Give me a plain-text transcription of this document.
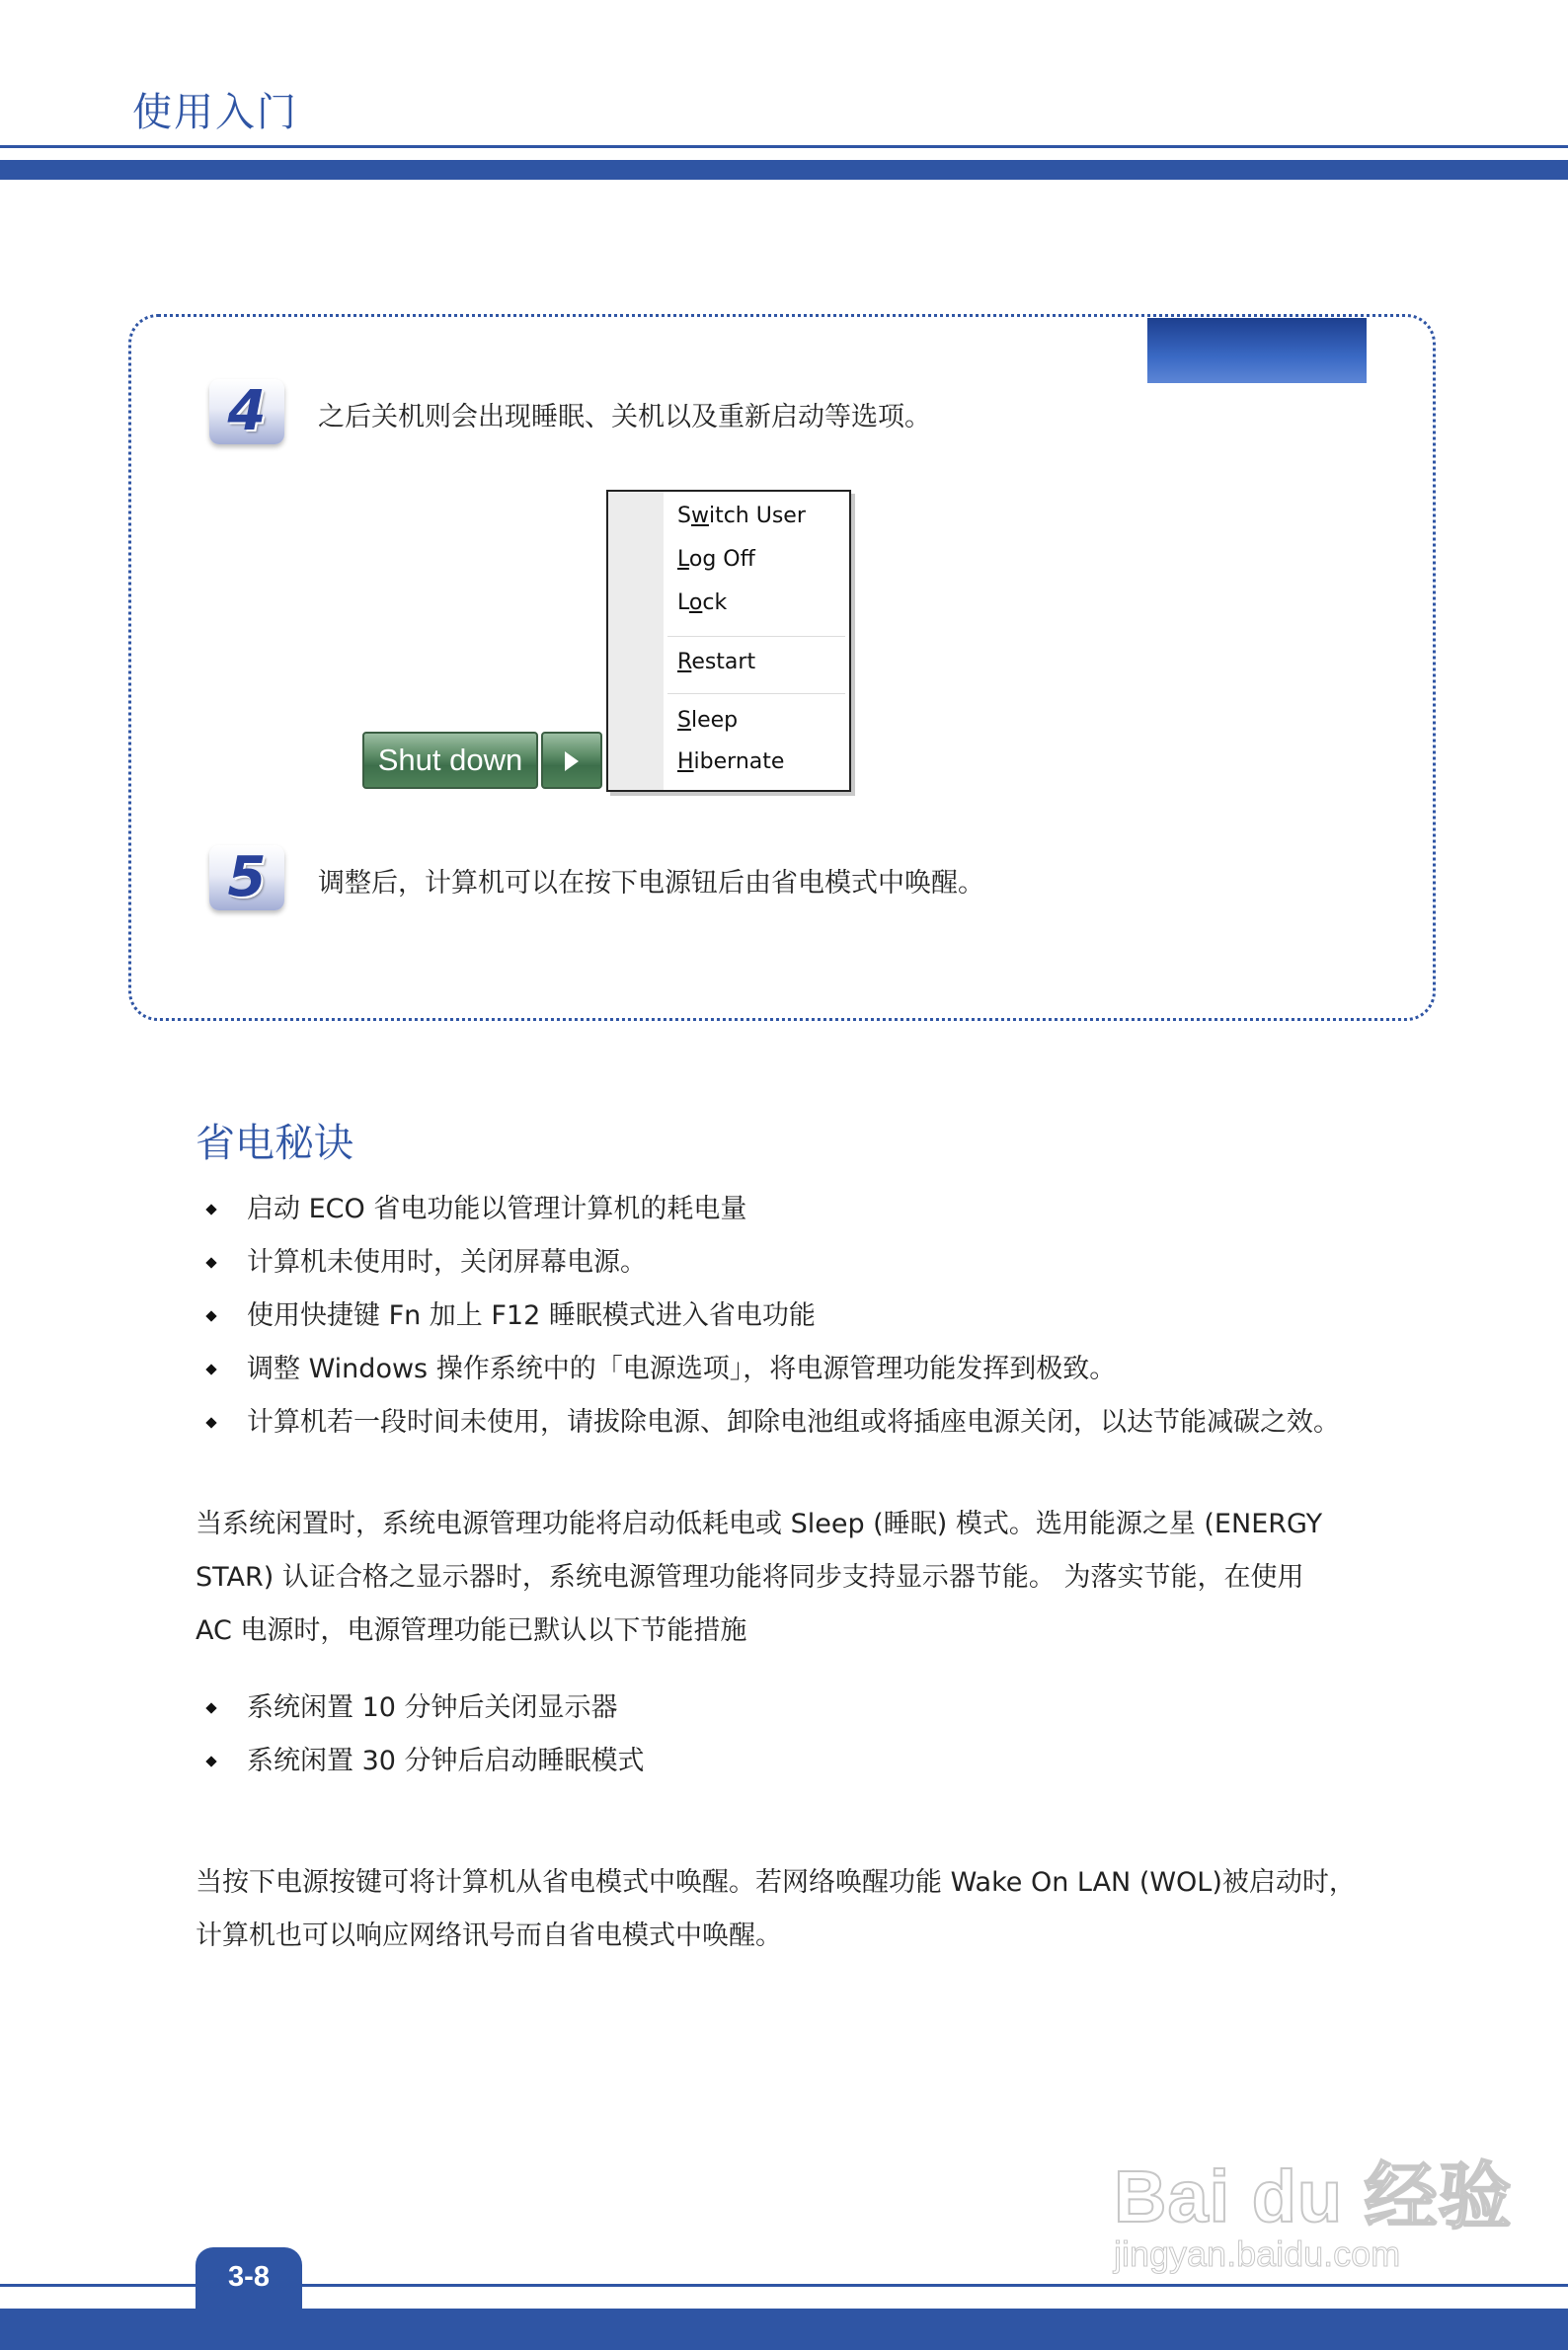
使用入门
4	之后关机则会出现睡眠、关机以及重新启动等选项。
Switch User
Log Off
Lock
Restart
Sleep
Hibernate
Shut down
5	调整后，计算机可以在按下电源钮后由省电模式中唤醒。
省电秘诀
启动 ECO 省电功能以管理计算机的耗电量
计算机未使用时，关闭屏幕电源。
使用快捷键 Fn 加上 F12 睡眠模式进入省电功能
调整 Windows 操作系统中的「电源选项」，将电源管理功能发挥到极致。
计算机若一段时间未使用，请拔除电源、卸除电池组或将插座电源关闭，以达节能减碳之效。
当系统闲置时，系统电源管理功能将启动低耗电或 Sleep (睡眠) 模式。选用能源之星 (ENERGY
STAR) 认证合格之显示器时，系统电源管理功能将同步支持显示器节能。 为落实节能，在使用
AC 电源时，电源管理功能已默认以下节能措施
系统闲置 10 分钟后关闭显示器
系统闲置 30 分钟后启动睡眠模式
当按下电源按键可将计算机从省电模式中唤醒。若网络唤醒功能 Wake On LAN (WOL)被启动时，
计算机也可以响应网络讯号而自省电模式中唤醒。
Bai du 经验
jingyan.baidu.com
3-8
